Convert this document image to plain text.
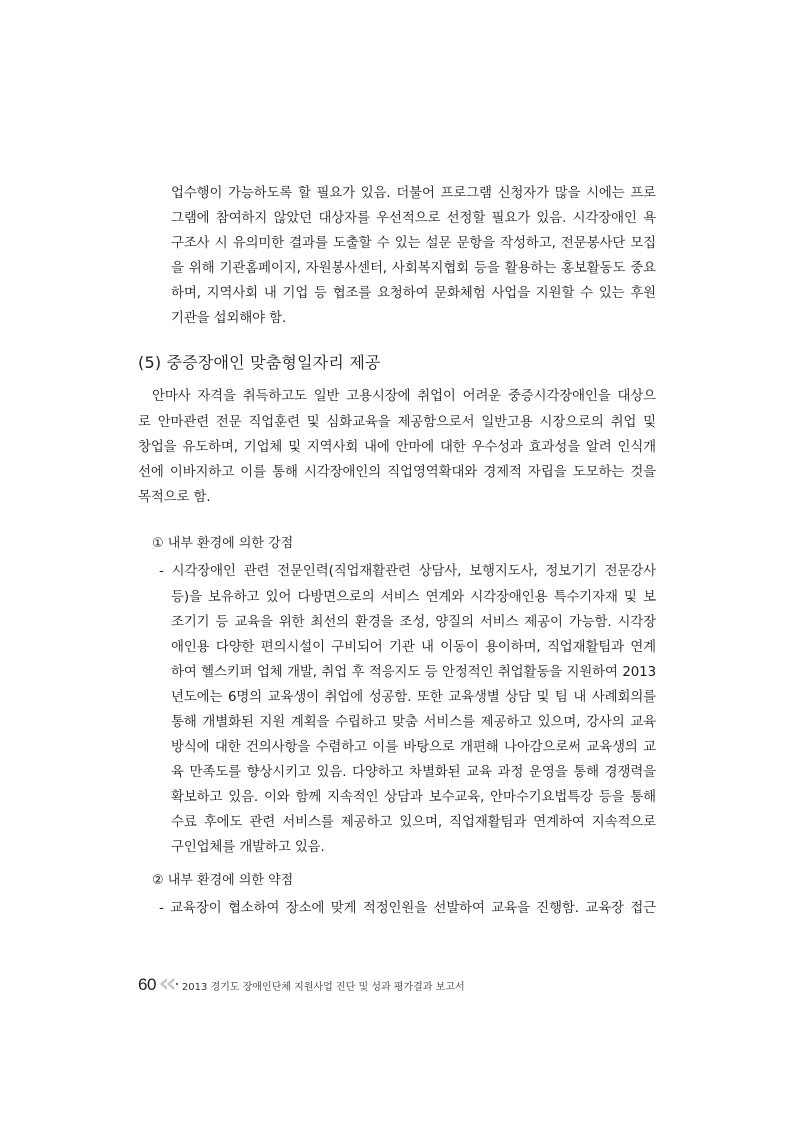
업수행이 가능하도록 할 필요가 있음. 더불어 프로그램 신청자가 많을 시에는 프로
그램에 참여하지 않았던 대상자를 우선적으로 선정할 필요가 있음. 시각장애인 욕
구조사 시 유의미한 결과를 도출할 수 있는 설문 문항을 작성하고, 전문봉사단 모집
을 위해 기관홈페이지, 자원봉사센터, 사회복지협회 등을 활용하는 홍보활동도 중요
하며, 지역사회 내 기업 등 협조를 요청하여 문화체험 사업을 지원할 수 있는 후원
기관을 섭외해야 함.
(5) 중증장애인 맞춤형일자리 제공
안마사 자격을 취득하고도 일반 고용시장에 취업이 어려운 중증시각장애인을 대상으
로 안마관련 전문 직업훈련 및 심화교육을 제공함으로서 일반고용 시장으로의 취업 및
창업을 유도하며, 기업체 및 지역사회 내에 안마에 대한 우수성과 효과성을 알려 인식개
선에 이바지하고 이를 통해 시각장애인의 직업영역확대와 경제적 자립을 도모하는 것을
목적으로 함.
① 내부 환경에 의한 강점
- 시각장애인 관련 전문인력(직업재활관련 상담사, 보행지도사, 정보기기 전문강사
등)을 보유하고 있어 다방면으로의 서비스 연계와 시각장애인용 특수기자재 및 보
조기기 등 교육을 위한 최선의 환경을 조성, 양질의 서비스 제공이 가능함. 시각장
애인용 다양한 편의시설이 구비되어 기관 내 이동이 용이하며, 직업재활팀과 연계
하여 헬스키퍼 업체 개발, 취업 후 적응지도 등 안정적인 취업활동을 지원하여 2013
년도에는 6명의 교육생이 취업에 성공함. 또한 교육생별 상담 및 팀 내 사례회의를
통해 개별화된 지원 계획을 수립하고 맞춤 서비스를 제공하고 있으며, 강사의 교육
방식에 대한 건의사항을 수렴하고 이를 바탕으로 개편해 나아감으로써 교육생의 교
육 만족도를 향상시키고 있음. 다양하고 차별화된 교육 과정 운영을 통해 경쟁력을
확보하고 있음. 이와 함께 지속적인 상담과 보수교육, 안마수기요법특강 등을 통해
수료 후에도 관련 서비스를 제공하고 있으며, 직업재활팀과 연계하여 지속적으로
구인업체를 개발하고 있음.
② 내부 환경에 의한 약점
- 교육장이 협소하여 장소에 맞게 적정인원을 선발하여 교육을 진행함. 교육장 접근
60	2013 경기도 장애인단체 지원사업 진단 및 성과 평가결과 보고서
